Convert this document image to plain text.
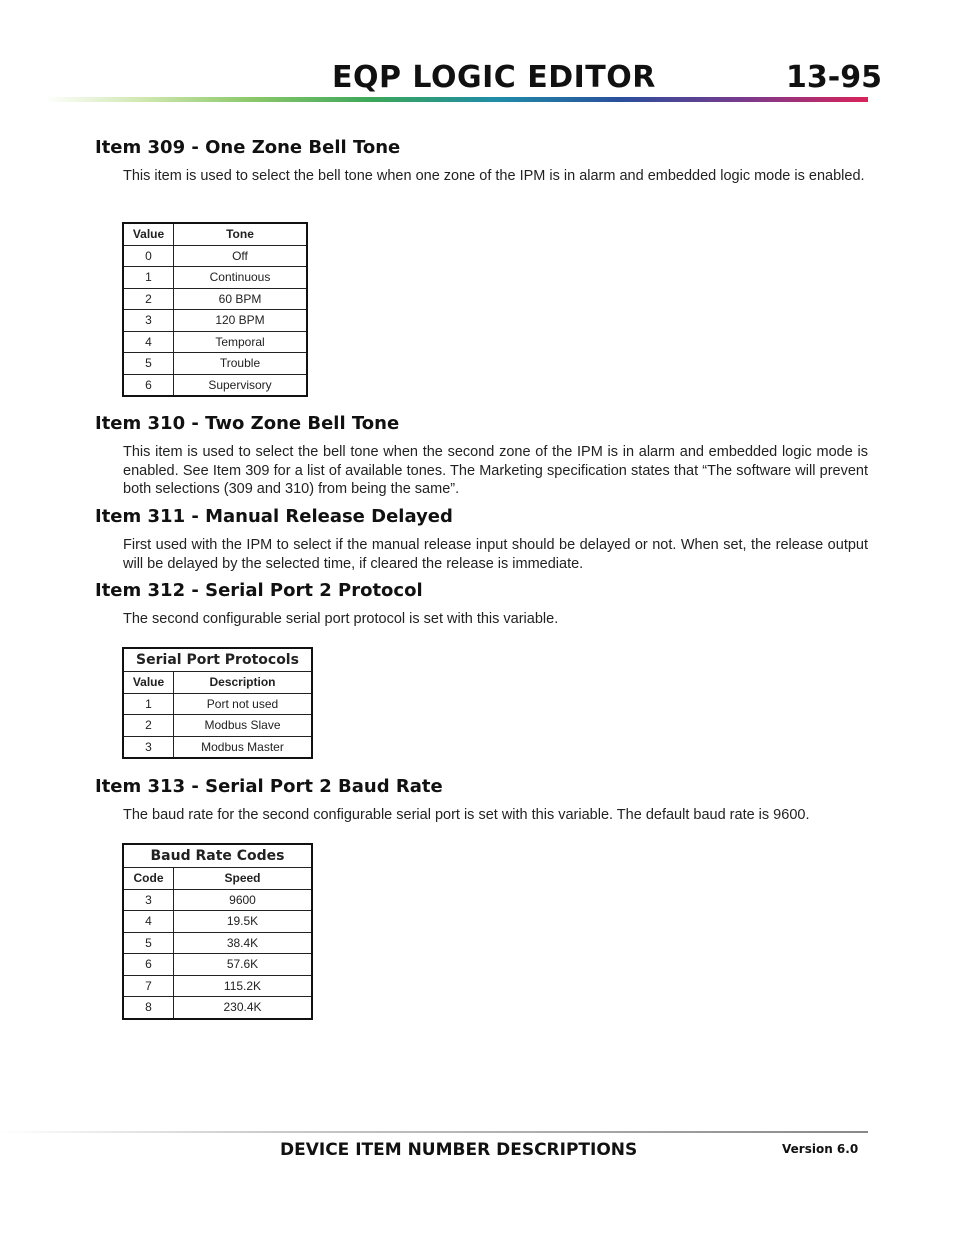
EQP LOGIC EDITOR	13-95
Item 309 - One Zone Bell Tone

This item is used to select the bell tone when one zone of the IPM is in alarm and embedded logic mode is enabled.

Value	Tone
0	Off
1	Continuous
2	60 BPM
3	120 BPM
4	Temporal
5	Trouble
6	Supervisory
Item 310 - Two Zone Bell Tone

This item is used to select the bell tone when the second zone of the IPM is in alarm and embedded logic mode is enabled. See Item 309 for a list of available tones. The Marketing specification states that “The software will prevent both selections (309 and 310) from being the same”.

Item 311 - Manual Release Delayed

First used with the IPM to select if the manual release input should be delayed or not. When set, the release output will be delayed by the selected time, if cleared the release is immediate.

Item 312 - Serial Port 2 Protocol

The second configurable serial port protocol is set with this variable.

Serial Port Protocols	
Value	Description
1	Port not used
2	Modbus Slave
3	Modbus Master
Item 313 - Serial Port 2 Baud Rate

The baud rate for the second configurable serial port is set with this variable. The default baud rate is 9600.

Baud Rate Codes	
Code	Speed
3	9600
4	19.5K
5	38.4K
6	57.6K
7	115.2K
8	230.4K
DEVICE ITEM NUMBER DESCRIPTIONS	Version 6.0
